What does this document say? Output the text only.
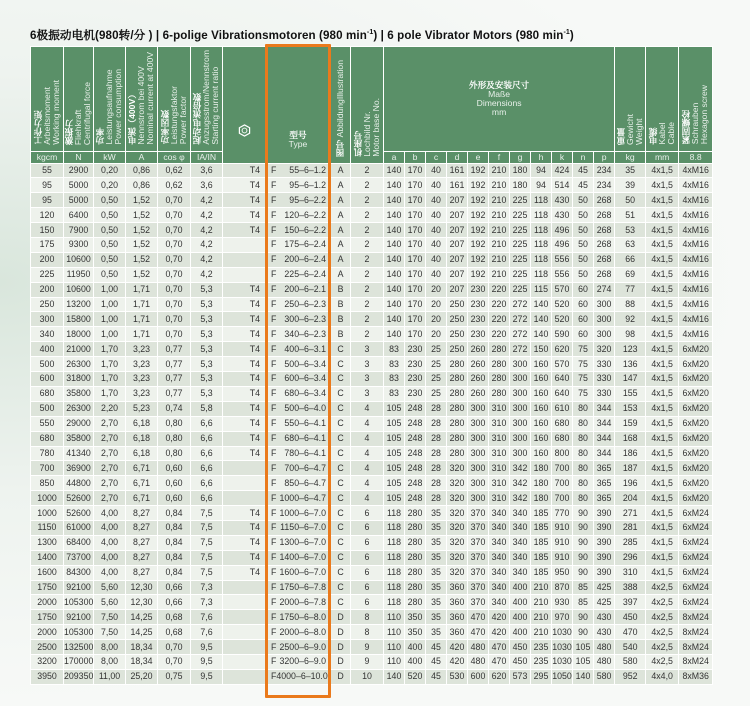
6极振动电机(980转/分 ) | 6-polige Vibrationsmotoren (980 $\min^{-1}$) | 6 pole Vibrator Motors (980 $\min^{-1}$)
工作力矩
Arbeitsmoment
Working moment	激振力
Fliehkraft
Centrifugal force	功率
Leistungsaufnahme
Power consumption	电流（400V）
Nennstrom bei 400V
Nominal current at 400V	功率因数
Leistungsfaktor
Power factor	起动电流倍数
Anzugsstrom/Nennstrom
Starting current ratio		型号
Type	图号 AbbildungIllustration	机座号
Lochbild Nr.
Motor base No.	外形及安装尺寸
Maße
Dimensions
mm											重量
Gewicht
Weight	电缆
Kabel
Cable	紧固螺栓
Schrauben
Hexagon screw
kgcm	N	kW	A	cos φ	IA/IN					a	b	c	d	e	f	g	h	k	n	p	kg	mm	8.8
55	2900	0,20	0,86	0,62	3,6	T4	F 55–6–1.2	A	2	140	170	40	161	192	210	180	94	424	45	234	35	4x1,5	4xM16
95	5000	0,20	0,86	0,62	3,6	T4	F 95–6–1.2	A	2	140	170	40	161	192	210	180	94	514	45	234	39	4x1,5	4xM16
95	5000	0,50	1,52	0,70	4,2	T4	F 95–6–2.2	A	2	140	170	40	207	192	210	225	118	430	50	268	50	4x1,5	4xM16
120	6400	0,50	1,52	0,70	4,2	T4	F 120–6–2.2	A	2	140	170	40	207	192	210	225	118	430	50	268	51	4x1,5	4xM16
150	7900	0,50	1,52	0,70	4,2	T4	F 150–6–2.2	A	2	140	170	40	207	192	210	225	118	496	50	268	53	4x1,5	4xM16
175	9300	0,50	1,52	0,70	4,2		F 175–6–2.4	A	2	140	170	40	207	192	210	225	118	496	50	268	63	4x1,5	4xM16
200	10600	0,50	1,52	0,70	4,2		F 200–6–2.4	A	2	140	170	40	207	192	210	225	118	556	50	268	66	4x1,5	4xM16
225	11950	0,50	1,52	0,70	4,2		F 225–6–2.4	A	2	140	170	40	207	192	210	225	118	556	50	268	69	4x1,5	4xM16
200	10600	1,00	1,71	0,70	5,3	T4	F 200–6–2.1	B	2	140	170	20	207	230	220	225	115	570	60	274	77	4x1,5	4xM16
250	13200	1,00	1,71	0,70	5,3	T4	F 250–6–2.3	B	2	140	170	20	250	230	220	272	140	520	60	300	88	4x1,5	4xM16
300	15800	1,00	1,71	0,70	5,3	T4	F 300–6–2.3	B	2	140	170	20	250	230	220	272	140	520	60	300	92	4x1,5	4xM16
340	18000	1,00	1,71	0,70	5,3	T4	F 340–6–2.3	B	2	140	170	20	250	230	220	272	140	590	60	300	98	4x1,5	4xM16
400	21000	1,70	3,23	0,77	5,3	T4	F 400–6–3.1	C	3	83	230	25	250	260	280	272	150	620	75	320	123	4x1,5	6xM20
500	26300	1,70	3,23	0,77	5,3	T4	F 500–6–3.4	C	3	83	230	25	280	260	280	300	160	570	75	330	136	4x1,5	6xM20
600	31800	1,70	3,23	0,77	5,3	T4	F 600–6–3.4	C	3	83	230	25	280	260	280	300	160	640	75	330	147	4x1,5	6xM20
680	35800	1,70	3,23	0,77	5,3	T4	F 680–6–3.4	C	3	83	230	25	280	260	280	300	160	640	75	330	155	4x1,5	6xM20
500	26300	2,20	5,23	0,74	5,8	T4	F 500–6–4.0	C	4	105	248	28	280	300	310	300	160	610	80	344	153	4x1,5	6xM20
550	29000	2,70	6,18	0,80	6,6	T4	F 550–6–4.1	C	4	105	248	28	280	300	310	300	160	680	80	344	159	4x1,5	6xM20
680	35800	2,70	6,18	0,80	6,6	T4	F 680–6–4.1	C	4	105	248	28	280	300	310	300	160	680	80	344	168	4x1,5	6xM20
780	41340	2,70	6,18	0,80	6,6	T4	F 780–6–4.1	C	4	105	248	28	280	300	310	300	160	800	80	344	186	4x1,5	6xM20
700	36900	2,70	6,71	0,60	6,6		F 700–6–4.7	C	4	105	248	28	320	300	310	342	180	700	80	365	187	4x1,5	6xM20
850	44800	2,70	6,71	0,60	6,6		F 850–6–4.7	C	4	105	248	28	320	300	310	342	180	700	80	365	196	4x1,5	6xM20
1000	52600	2,70	6,71	0,60	6,6		F 1000–6–4.7	C	4	105	248	28	320	300	310	342	180	700	80	365	204	4x1,5	6xM20
1000	52600	4,00	8,27	0,84	7,5	T4	F 1000–6–7.0	C	6	118	280	35	320	370	340	340	185	770	90	390	271	4x1,5	6xM24
1150	61000	4,00	8,27	0,84	7,5	T4	F 1150–6–7.0	C	6	118	280	35	320	370	340	340	185	910	90	390	281	4x1,5	6xM24
1300	68400	4,00	8,27	0,84	7,5	T4	F 1300–6–7.0	C	6	118	280	35	320	370	340	340	185	910	90	390	285	4x1,5	6xM24
1400	73700	4,00	8,27	0,84	7,5	T4	F 1400–6–7.0	C	6	118	280	35	320	370	340	340	185	910	90	390	296	4x1,5	6xM24
1600	84300	4,00	8,27	0,84	7,5	T4	F 1600–6–7.0	C	6	118	280	35	320	370	340	340	185	950	90	390	310	4x1,5	6xM24
1750	92100	5,60	12,30	0,66	7,3		F 1750–6–7.8	C	6	118	280	35	360	370	340	400	210	870	85	425	388	4x2,5	6xM24
2000	105300	5,60	12,30	0,66	7,3		F 2000–6–7.8	C	6	118	280	35	360	370	340	400	210	930	85	425	397	4x2,5	6xM24
1750	92100	7,50	14,25	0,68	7,6		F 1750–6–8.0	D	8	110	350	35	360	470	420	400	210	970	90	430	450	4x2,5	8xM24
2000	105300	7,50	14,25	0,68	7,6		F 2000–6–8.0	D	8	110	350	35	360	470	420	400	210	1030	90	430	470	4x2,5	8xM24
2500	132500	8,00	18,34	0,70	9,5		F 2500–6–9.0	D	9	110	400	45	420	480	470	450	235	1030	105	480	540	4x2,5	8xM24
3200	170000	8,00	18,34	0,70	9,5		F 3200–6–9.0	D	9	110	400	45	420	480	470	450	235	1030	105	480	580	4x2,5	8xM24
3950	209350	11,00	25,20	0,75	9,5		F 4000–6–10.0	D	10	140	520	45	530	600	620	573	295	1050	140	580	952	4x4,0	8xM36
